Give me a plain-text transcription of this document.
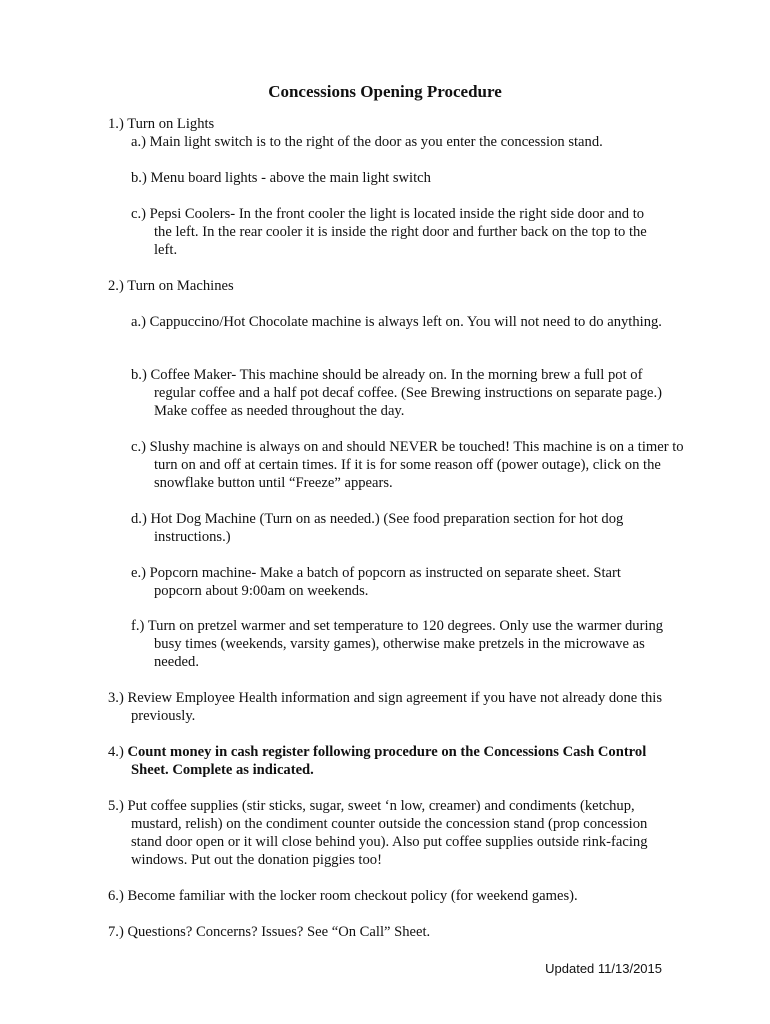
Concessions Opening Procedure
1.) Turn on Lights
a.) Main light switch is to the right of the door as you enter the concession stand.
b.) Menu board lights - above the main light switch
c.) Pepsi Coolers- In the front cooler the light is located inside the right side door and to the left. In the rear cooler it is inside the right door and further back on the top to the left.
2.) Turn on Machines
a.) Cappuccino/Hot Chocolate machine is always left on. You will not need to do anything.
b.) Coffee Maker- This machine should be already on. In the morning brew a full pot of regular coffee and a half pot decaf coffee. (See Brewing instructions on separate page.) Make coffee as needed throughout the day.
c.) Slushy machine is always on and should NEVER be touched! This machine is on a timer to turn on and off at certain times. If it is for some reason off (power outage), click on the snowflake button until “Freeze” appears.
d.) Hot Dog Machine (Turn on as needed.) (See food preparation section for hot dog instructions.)
e.) Popcorn machine- Make a batch of popcorn as instructed on separate sheet. Start popcorn about 9:00am on weekends.
f.) Turn on pretzel warmer and set temperature to 120 degrees. Only use the warmer during busy times (weekends, varsity games), otherwise make pretzels in the microwave as needed.
3.) Review Employee Health information and sign agreement if you have not already done this previously.
4.) Count money in cash register following procedure on the Concessions Cash Control Sheet. Complete as indicated.
5.) Put coffee supplies (stir sticks, sugar, sweet ‘n low, creamer) and condiments (ketchup, mustard, relish) on the condiment counter outside the concession stand (prop concession stand door open or it will close behind you). Also put coffee supplies outside rink-facing windows. Put out the donation piggies too!
6.) Become familiar with the locker room checkout policy (for weekend games).
7.) Questions? Concerns? Issues? See “On Call” Sheet.
Updated 11/13/2015
